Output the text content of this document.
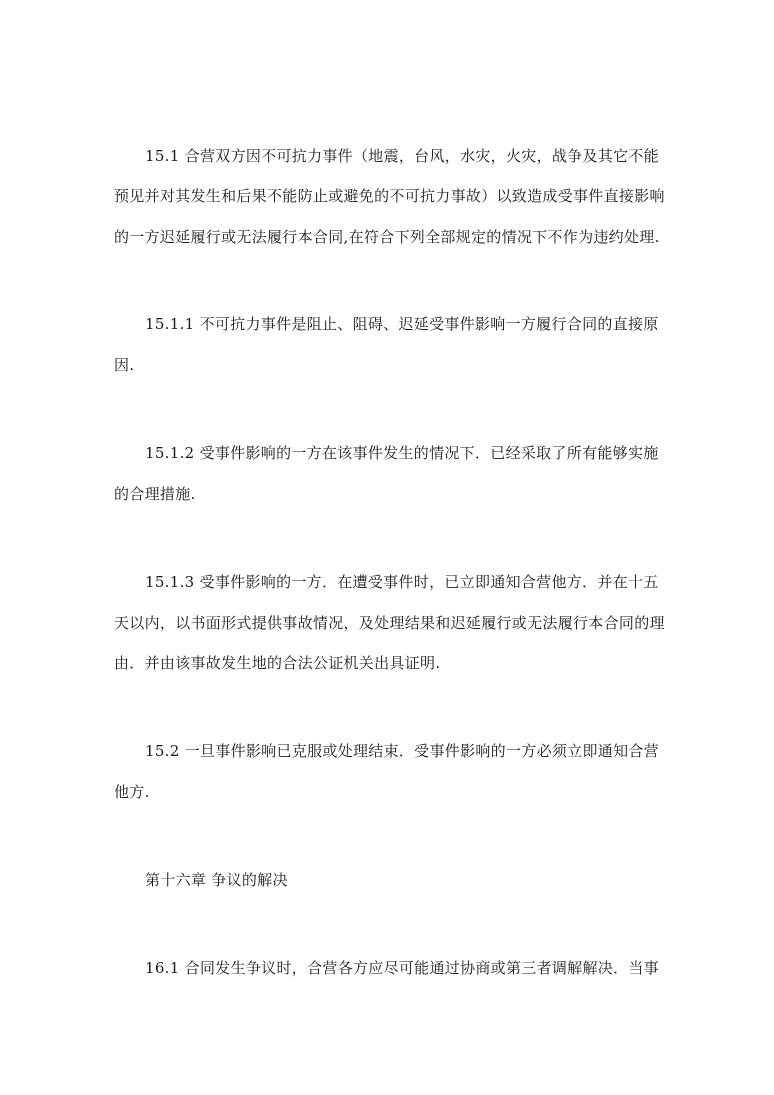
15.1 合营双方因不可抗力事件（地震，台风，水灾，火灾，战争及其它不能
预见并对其发生和后果不能防止或避免的不可抗力事故）以致造成受事件直接影响
的一方迟延履行或无法履行本合同,在符合下列全部规定的情况下不作为违约处理.
15.1.1 不可抗力事件是阻止、阻碍、迟延受事件影响一方履行合同的直接原
因.
15.1.2 受事件影响的一方在该事件发生的情况下．已经采取了所有能够实施
的合理措施.
15.1.3 受事件影响的一方．在遭受事件时，已立即通知合营他方．并在十五
天以内，以书面形式提供事故情况，及处理结果和迟延履行或无法履行本合同的理
由．并由该事故发生地的合法公证机关出具证明.
15.2 一旦事件影响已克服或处理结束．受事件影响的一方必须立即通知合营
他方.
第十六章 争议的解决
16.1 合同发生争议时，合营各方应尽可能通过协商或第三者调解解决．当事
